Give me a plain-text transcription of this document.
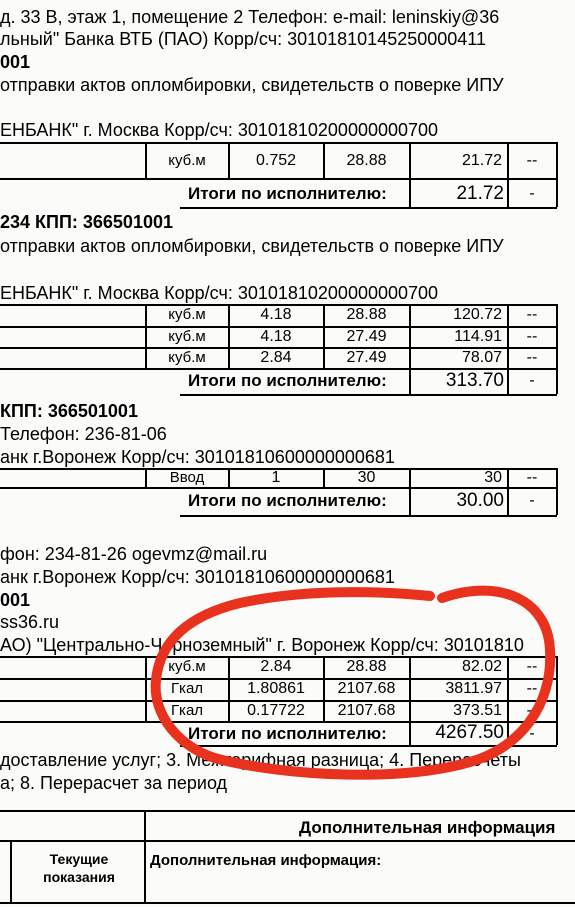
д. 33 В, этаж 1, помещение 2 Телефон: e-mail: leninskiy@36
льный" Банка ВТБ (ПАО) Корр/сч: 30101810145250000411
001
отправки актов опломбировки, свидетельств о поверке ИПУ
ЕНБАНК" г. Москва Корр/сч: 30101810200000000700
куб.м	0.752	28.88	21.72	--
Итоги по исполнителю:	21.72	-
234 КПП: 366501001
отправки актов опломбировки, свидетельств о поверке ИПУ
ЕНБАНК" г. Москва Корр/сч: 30101810200000000700
куб.м	4.18	28.88	120.72	--
куб.м	4.18	27.49	114.91	--
куб.м	2.84	27.49	78.07	--
Итоги по исполнителю:	313.70	-
КПП: 366501001
Телефон: 236-81-06
анк г.Воронеж Корр/сч: 30101810600000000681
Ввод	1	30	30	--
Итоги по исполнителю:	30.00	-
фон: 234-81-26 ogevmz@mail.ru
анк г.Воронеж Корр/сч: 30101810600000000681
001
ss36.ru
АО) "Центрально-Черноземный" г. Воронеж Корр/сч: 30101810
куб.м	2.84	28.88	82.02	--
Гкал	1.80861	2107.68	3811.97	--
Гкал	0.17722	2107.68	373.51	--
Итоги по исполнителю:	4267.50	-
доставление услуг; 3. Межтарифная разница; 4. Перерасчеты
а; 8. Перерасчет за период
Дополнительная информация
Текущие показания
Дополнительная информация:
